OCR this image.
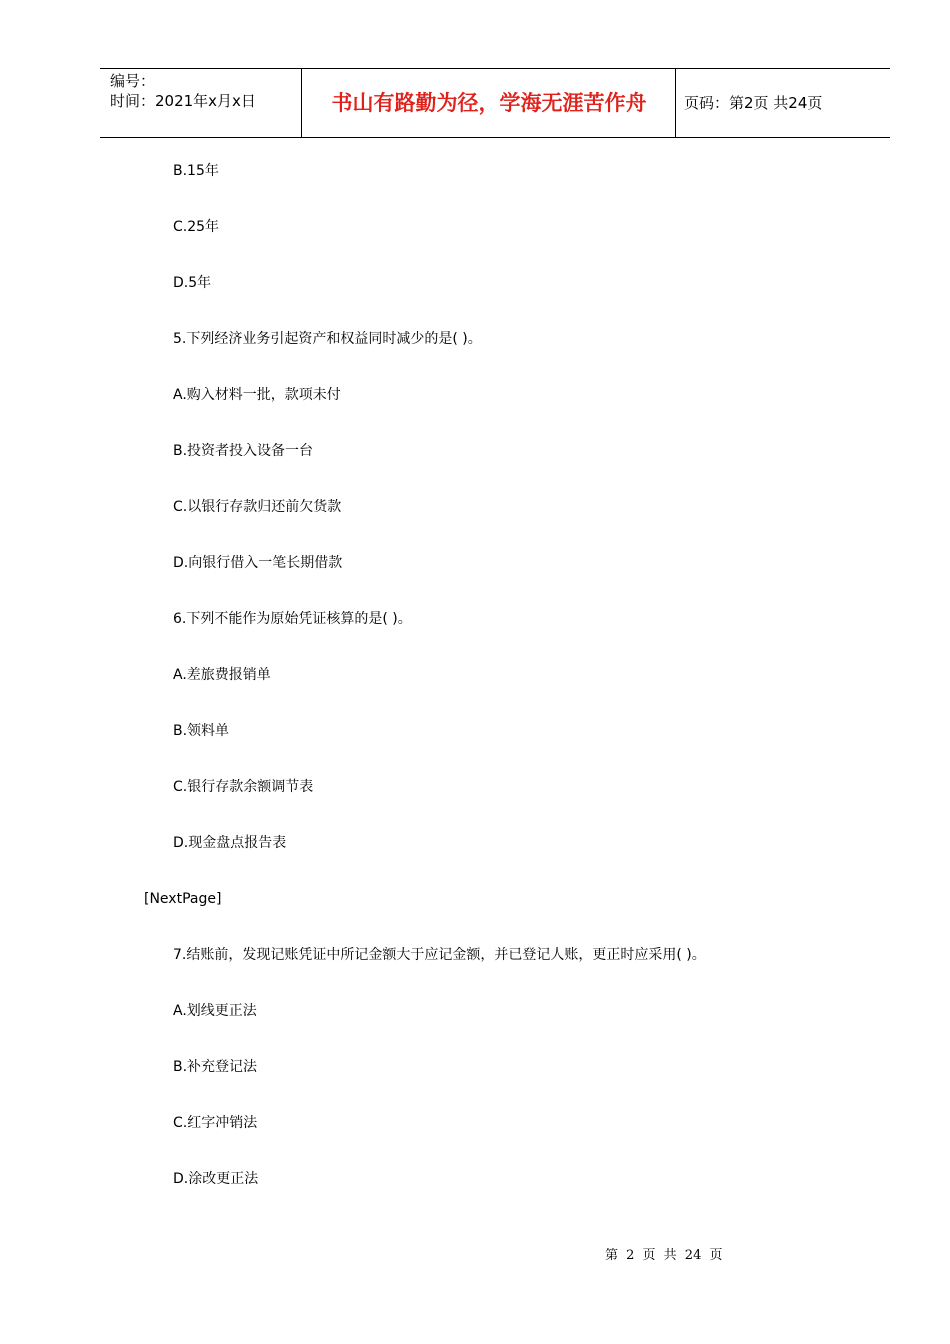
编号：
时间：2021年x月x日	书山有路勤为径，学海无涯苦作舟	页码：第2页 共24页
B.15年
C.25年
D.5年
5.下列经济业务引起资产和权益同时减少的是( )。
A.购入材料一批，款项未付
B.投资者投入设备一台
C.以银行存款归还前欠货款
D.向银行借入一笔长期借款
6.下列不能作为原始凭证核算的是( )。
A.差旅费报销单
B.领料单
C.银行存款余额调节表
D.现金盘点报告表
[NextPage]
7.结账前，发现记账凭证中所记金额大于应记金额，并已登记人账，更正时应采用( )。
A.划线更正法
B.补充登记法
C.红字冲销法
D.涂改更正法
第 2 页 共 24 页
